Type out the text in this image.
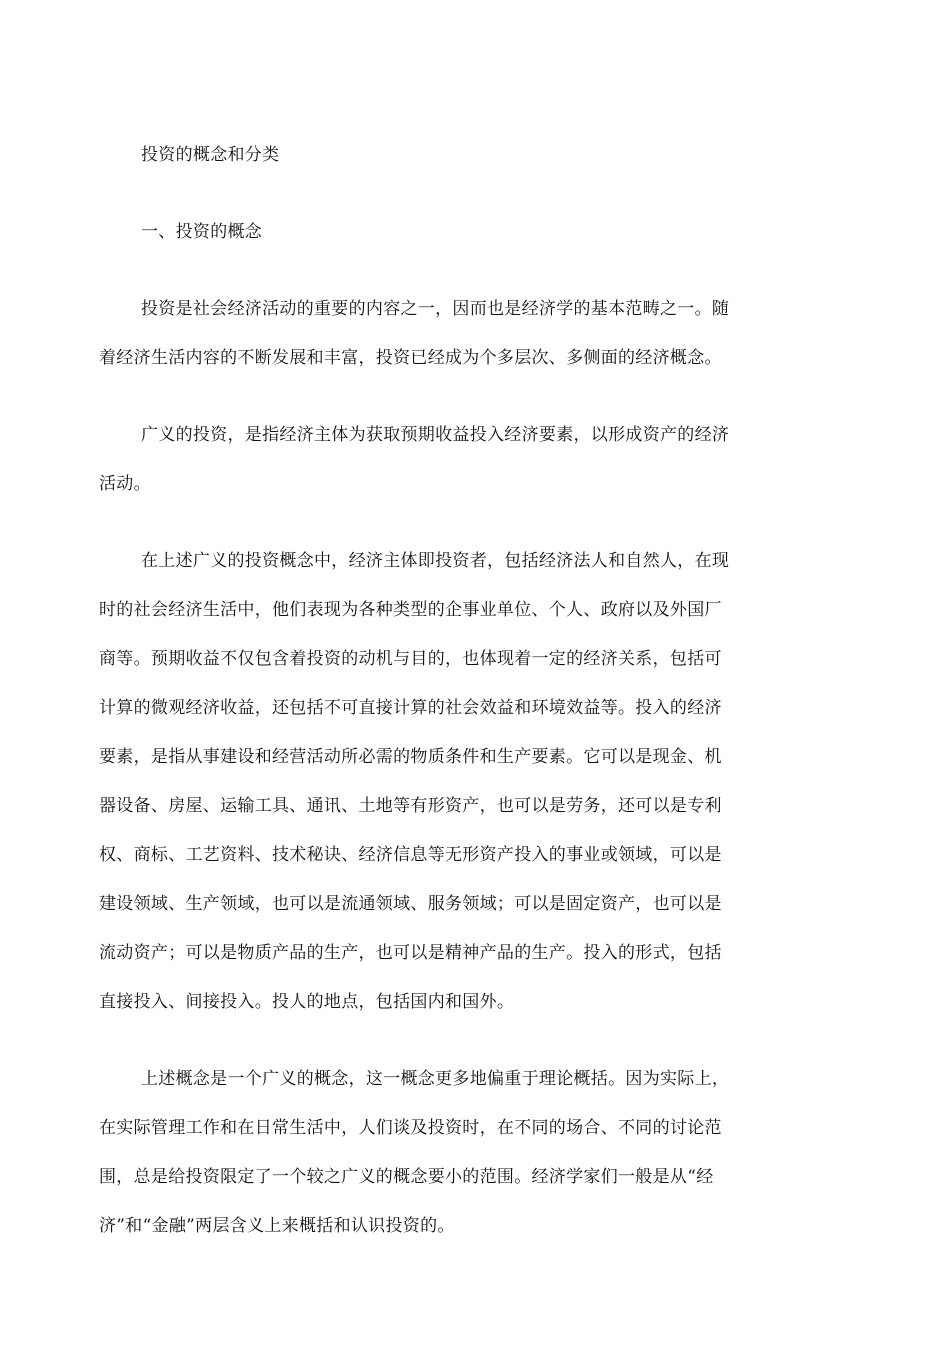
投资的概念和分类
一、投资的概念
投资是社会经济活动的重要的内容之一，因而也是经济学的基本范畴之一。随
着经济生活内容的不断发展和丰富，投资已经成为个多层次、多侧面的经济概念。
广义的投资，是指经济主体为获取预期收益投入经济要素，以形成资产的经济
活动。
在上述广义的投资概念中，经济主体即投资者，包括经济法人和自然人，在现
时的社会经济生活中，他们表现为各种类型的企事业单位、个人、政府以及外国厂
商等。预期收益不仅包含着投资的动机与目的，也体现着一定的经济关系，包括可
计算的微观经济收益，还包括不可直接计算的社会效益和环境效益等。投入的经济
要素，是指从事建设和经营活动所必需的物质条件和生产要素。它可以是现金、机
器设备、房屋、运输工具、通讯、土地等有形资产，也可以是劳务，还可以是专利
权、商标、工艺资料、技术秘诀、经济信息等无形资产投入的事业或领域，可以是
建设领域、生产领域，也可以是流通领域、服务领域；可以是固定资产，也可以是
流动资产；可以是物质产品的生产，也可以是精神产品的生产。投入的形式，包括
直接投入、间接投入。投人的地点，包括国内和国外。
上述概念是一个广义的概念，这一概念更多地偏重于理论概括。因为实际上，
在实际管理工作和在日常生活中，人们谈及投资时，在不同的场合、不同的讨论范
围，总是给投资限定了一个较之广义的概念要小的范围。经济学家们一般是从“经
济”和“金融”两层含义上来概括和认识投资的。
